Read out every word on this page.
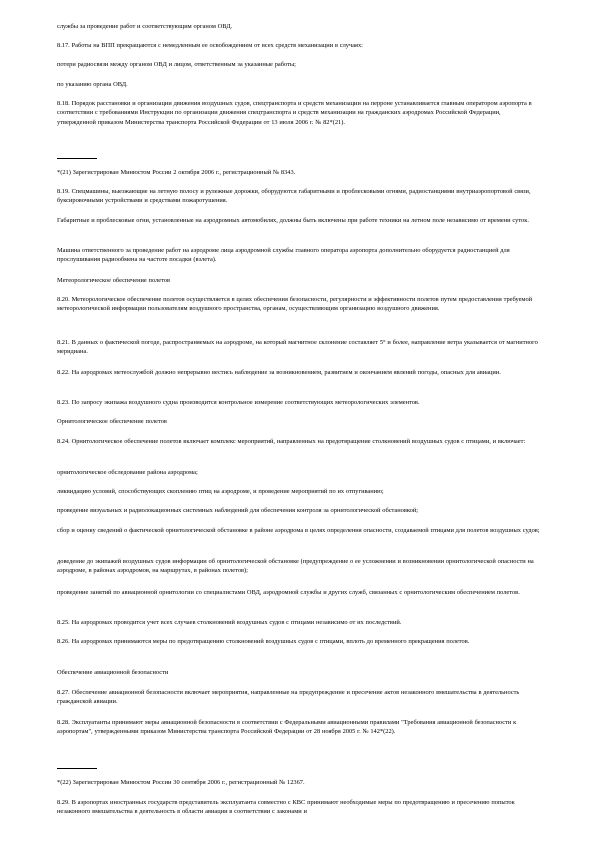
службы за проведение работ и соответствующим органом ОВД.

8.17. Работы на ВПП прекращаются с немедленным ее освобождением от всех средств механизации в случаях:

потери радиосвязи между органом ОВД и лицом, ответственным за указанные работы;

по указанию органа ОВД.

8.18. Порядок расстановки и организации движения воздушных судов, спецтранспорта и средств механизации на перроне устанавливается главным оператором аэропорта в соответствии с требованиями Инструкции по организации движения спецтранспорта и средств механизации на гражданских аэродромах Российской Федерации, утвержденной приказом Министерства транспорта Российской Федерации от 13 июля 2006 г. № 82*(21).

*(21) Зарегистрирован Минюстом России 2 октября 2006 г., регистрационный № 8343.

8.19. Спецмашины, выезжающие на летную полосу и рулежные дорожки, оборудуются габаритными и проблесковыми огнями, радиостанциями внутриаэропортовой связи, буксировочными устройствами и средствами пожаротушения.

Габаритные и проблесковые огни, установленные на аэродромных автомобилях, должны быть включены при работе техники на летном поле независимо от времени суток.

Машина ответственного за проведение работ на аэродроме лица аэродромной службы главного оператора аэропорта дополнительно оборудуется радиостанцией для прослушивания радиообмена на частоте посадки (взлета).

Метеорологическое обеспечение полетов

8.20. Метеорологическое обеспечение полетов осуществляется в целях обеспечения безопасности, регулярности и эффективности полетов путем предоставления требуемой метеорологической информации пользователям воздушного пространства, органам, осуществляющим организацию воздушного движения.

8.21. В данных о фактической погоде, распространяемых на аэродроме, на который магнитное склонение составляет 5° и более, направление ветра указывается от магнитного меридиана.

8.22. На аэродромах метеослужбой должно непрерывно вестись наблюдение за возникновением, развитием и окончанием явлений погоды, опасных для авиации.

8.23. По запросу экипажа воздушного судна производится контрольное измерение соответствующих метеорологических элементов.

Орнитологическое обеспечение полетов

8.24. Орнитологическое обеспечение полетов включает комплекс мероприятий, направленных на предотвращение столкновений воздушных судов с птицами, и включает:

орнитологическое обследование района аэродрома;

ликвидацию условий, способствующих скоплению птиц на аэродроме, и проведение мероприятий по их отпугиванию;

проведение визуальных и радиолокационных системных наблюдений для обеспечения контроля за орнитологической обстановкой;

сбор и оценку сведений о фактической орнитологической обстановке в районе аэродрома в целях определения опасности, создаваемой птицами для полетов воздушных судов;

доведение до экипажей воздушных судов информации об орнитологической обстановке (предупреждение о ее усложнении и возникновении орнитологической опасности на аэродроме, в районах аэродромов, на маршрутах, в районах полетов);

проведение занятий по авиационной орнитологии со специалистами ОВД, аэродромной службы и других служб, связанных с орнитологическим обеспечением полетов.

8.25. На аэродромах проводится учет всех случаев столкновений воздушных судов с птицами независимо от их последствий.

8.26. На аэродромах принимаются меры по предотвращению столкновений воздушных судов с птицами, вплоть до временного прекращения полетов.

Обеспечение авиационной безопасности

8.27. Обеспечение авиационной безопасности включает мероприятия, направленные на предупреждение и пресечение актов незаконного вмешательства в деятельность гражданской авиации.

8.28. Эксплуатанты принимают меры авиационной безопасности в соответствии с Федеральными авиационными правилами "Требования авиационной безопасности к аэропортам", утвержденными приказом Министерства транспорта Российской Федерации от 28 ноября 2005 г. № 142*(22).

*(22) Зарегистрирован Минюстом России 30 сентября 2006 г., регистрационный № 12367.

8.29. В аэропортах иностранных государств представитель эксплуатанта совместно с КВС принимают необходимые меры по предотвращению и пресечению попыток незаконного вмешательства в деятельность в области авиации в соответствии с законами и
